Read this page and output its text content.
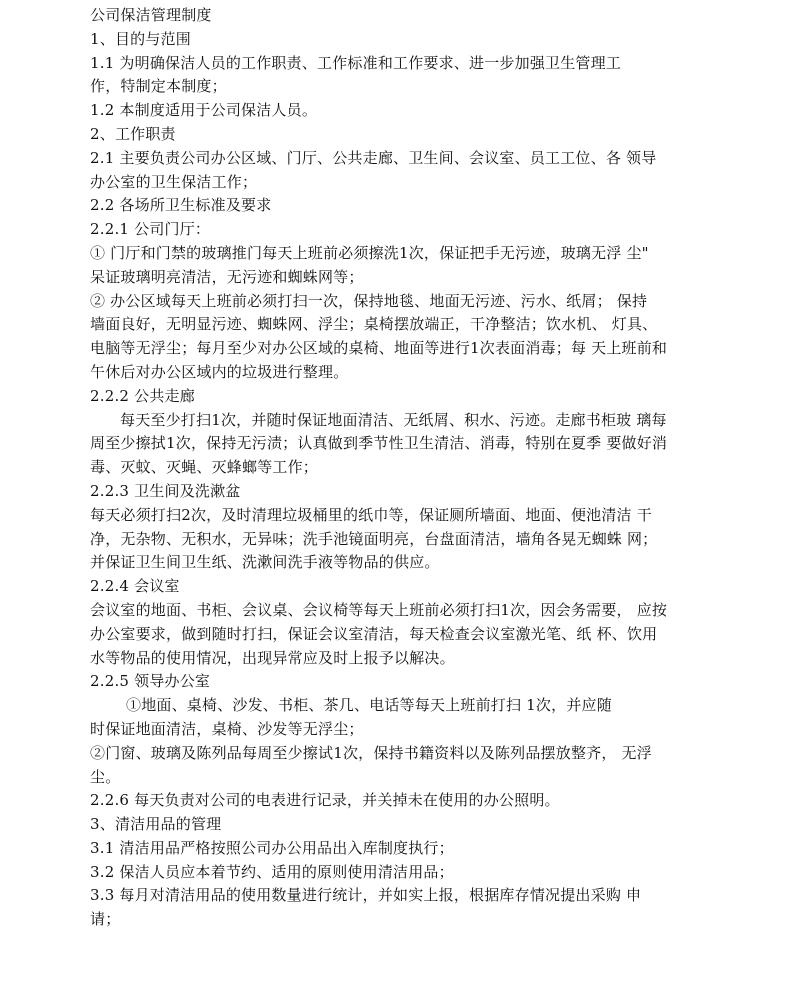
公司保洁管理制度
1、目的与范围
1.1 为明确保洁人员的工作职责、工作标准和工作要求、进一步加强卫生管理工
作，特制定本制度；
1.2 本制度适用于公司保洁人员。
2、工作职责
2.1 主要负责公司办公区域、门厅、公共走廊、卫生间、会议室、员工工位、各 领导
办公室的卫生保洁工作；
2.2 各场所卫生标准及要求
2.2.1 公司门厅：
① 门厅和门禁的玻璃推门每天上班前必须擦洗1次，保证把手无污迹，玻璃无浮 尘"
呆证玻璃明亮清洁，无污迹和蜘蛛网等；
② 办公区域每天上班前必须打扫一次，保持地毯、地面无污迹、污水、纸屑； 保持
墙面良好，无明显污迹、蜘蛛网、浮尘；桌椅摆放端正，干净整洁；饮水机、 灯具、
电脑等无浮尘；每月至少对办公区域的桌椅、地面等进行1次表面消毒；每 天上班前和
午休后对办公区域内的垃圾进行整理。
2.2.2 公共走廊
每天至少打扫1次，并随时保证地面清洁、无纸屑、积水、污迹。走廊书柜玻 璃每
周至少擦拭1次，保持无污渍；认真做到季节性卫生清洁、消毒，特别在夏季 要做好消
毒、灭蚊、灭蝇、灭蜂螂等工作；
2.2.3 卫生间及洗漱盆
每天必须打扫2次，及时清理垃圾桶里的纸巾等，保证厕所墙面、地面、便池清洁 干
净，无杂物、无积水，无异味；洗手池镜面明亮，台盘面清洁，墙角各晃无蜘蛛 网；
并保证卫生间卫生纸、洗漱间洗手液等物品的供应。
2.2.4 会议室
会议室的地面、书柜、会议桌、会议椅等每天上班前必须打扫1次，因会务需要， 应按
办公室要求，做到随时打扫，保证会议室清洁，每天检查会议室激光笔、纸 杯、饮用
水等物品的使用情况，出现异常应及时上报予以解决。
2.2.5 领导办公室
①地面、桌椅、沙发、书柜、茶几、电话等每天上班前打扫 1次，并应随
时保证地面清洁，桌椅、沙发等无浮尘；
②门窗、玻璃及陈列品每周至少擦试1次，保持书籍资料以及陈列品摆放整齐， 无浮
尘。
2.2.6 每天负责对公司的电表进行记录，并关掉未在使用的办公照明。
3、清洁用品的管理
3.1 清洁用品严格按照公司办公用品出入库制度执行；
3.2 保洁人员应本着节约、适用的原则使用清洁用品；
3.3 每月对清洁用品的使用数量进行统计，并如实上报，根据库存情况提出采购 申
请；
